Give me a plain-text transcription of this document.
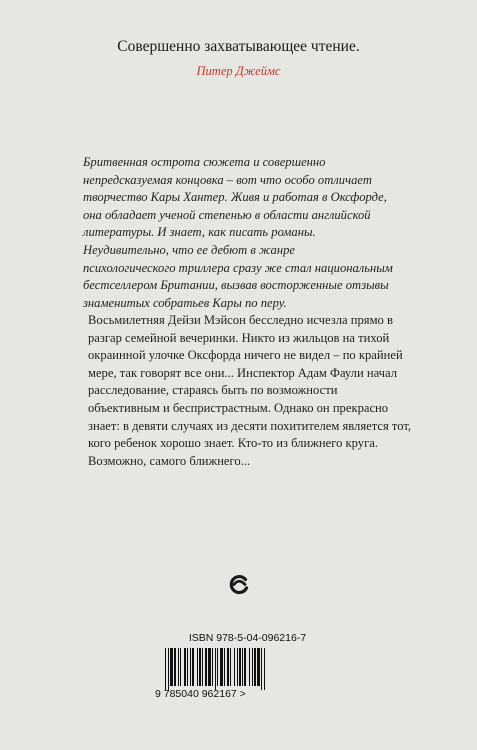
Совершенно захватывающее чтение.
Питер Джеймс

Бритвенная острота сюжета и совершенно
непредсказуемая концовка – вот что особо отличает
творчество Кары Хантер. Живя и работая в Оксфорде,
она обладает ученой степенью в области английской
литературы. И знает, как писать романы.
Неудивительно, что ее дебют в жанре
психологического триллера сразу же стал национальным
бестселлером Британии, вызвав восторженные отзывы
знаменитых собратьев Кары по перу.

Восьмилетняя Дейзи Мэйсон бесследно исчезла прямо в
разгар семейной вечеринки. Никто из жильцов на тихой
окраинной улочке Оксфорда ничего не видел – по крайней
мере, так говорят все они... Инспектор Адам Фаули начал
расследование, стараясь быть по возможности
объективным и беспристрастным. Однако он прекрасно
знает: в девяти случаях из десяти похитителем является тот,
кого ребенок хорошо знает. Кто-то из ближнего круга.
Возможно, самого ближнего...

ISBN 978-5-04-096216-7
9 785040 962167 >
